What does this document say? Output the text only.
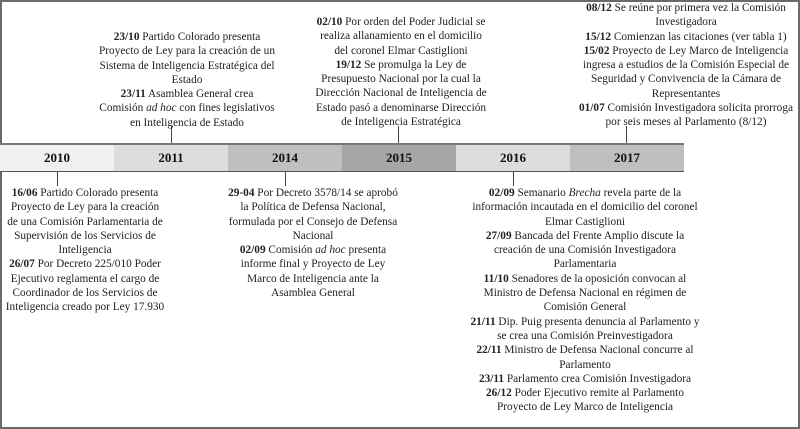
2010	2011	2014	2015	2016	2017
23/10 Partido Colorado presenta Proyecto de Ley para la creación de un Sistema de Inteligencia Estratégica del Estado
23/11 Asamblea General crea Comisión ad hoc con fines legislativos en Inteligencia de Estado
02/10 Por orden del Poder Judicial se realiza allanamiento en el domicilio del coronel Elmar Castiglioni
19/12 Se promulga la Ley de Presupuesto Nacional por la cual la Dirección Nacional de Inteligencia de Estado pasó a denominarse Dirección de Inteligencia Estratégica
08/12 Se reúne por primera vez la Comisión Investigadora
15/12 Comienzan las citaciones (ver tabla 1)
15/02 Proyecto de Ley Marco de Inteligencia ingresa a estudios de la Comisión Especial de Seguridad y Convivencia de la Cámara de Representantes
01/07 Comisión Investigadora solicita prorroga por seis meses al Parlamento (8/12)
16/06 Partido Colorado presenta Proyecto de Ley para la creación de una Comisión Parlamentaria de Supervisión de los Servicios de Inteligencia
26/07 Por Decreto 225/010 Poder Ejecutivo reglamenta el cargo de Coordinador de los Servicios de Inteligencia creado por Ley 17.930
29-04 Por Decreto 3578/14 se aprobó la Política de Defensa Nacional, formulada por el Consejo de Defensa Nacional
02/09 Comisión ad hoc presenta informe final y Proyecto de Ley Marco de Inteligencia ante la Asamblea General
02/09 Semanario Brecha revela parte de la información incautada en el domicilio del coronel Elmar Castiglioni
27/09 Bancada del Frente Amplio discute la creación de una Comisión Investigadora Parlamentaria
11/10 Senadores de la oposición convocan al Ministro de Defensa Nacional en régimen de Comisión General
21/11 Dip. Puig presenta denuncia al Parlamento y se crea una Comisión Preinvestigadora
22/11 Ministro de Defensa Nacional concurre al Parlamento
23/11 Parlamento crea Comisión Investigadora
26/12 Poder Ejecutivo remite al Parlamento Proyecto de Ley Marco de Inteligencia
